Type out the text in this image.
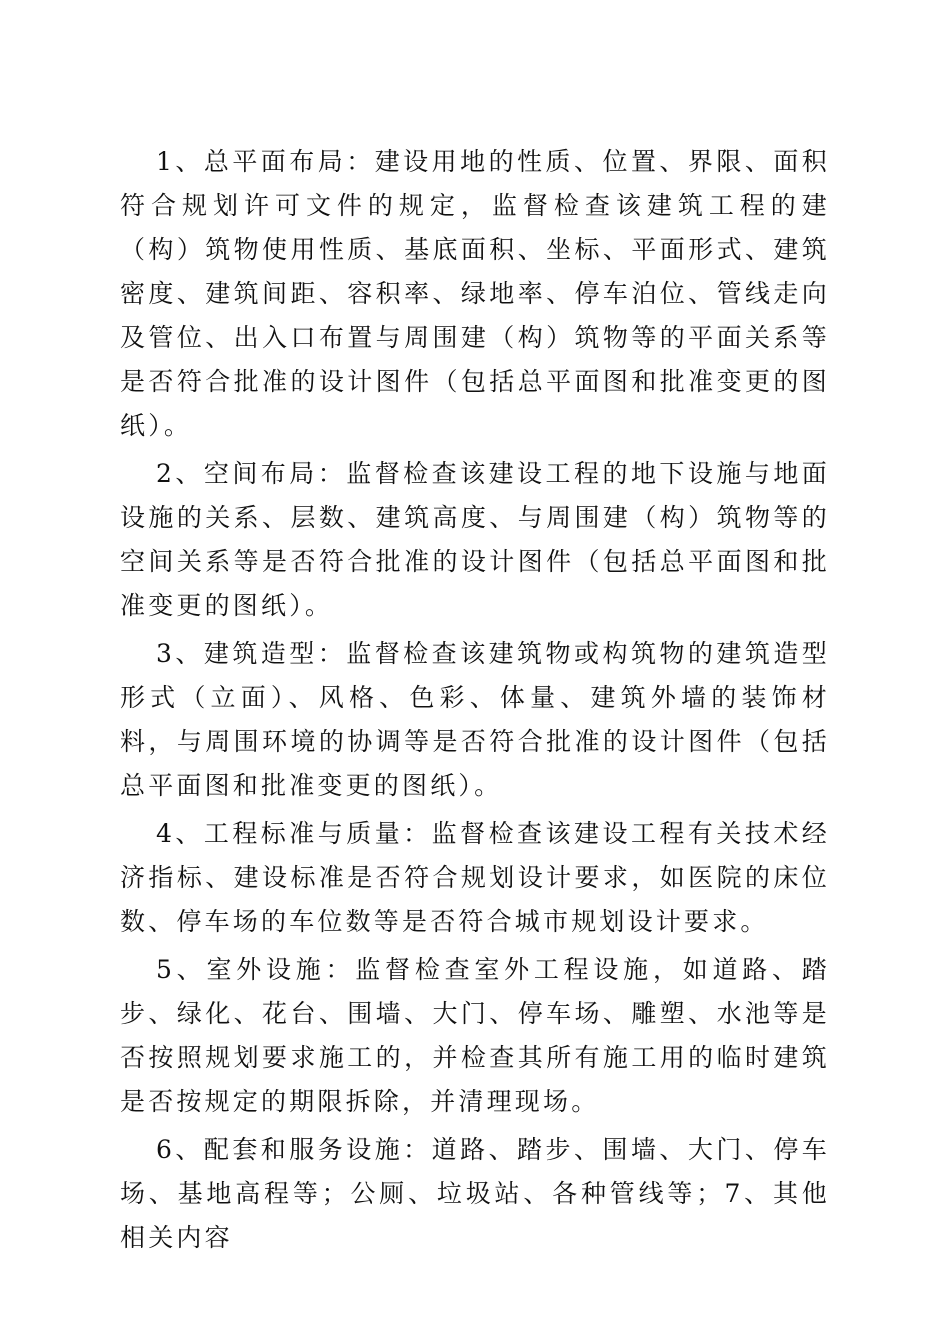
1、总平面布局：建设用地的性质、位置、界限、面积符合规划许可文件的规定，监督检查该建筑工程的建（构）筑物使用性质、基底面积、坐标、平面形式、建筑密度、建筑间距、容积率、绿地率、停车泊位、管线走向及管位、出入口布置与周围建（构）筑物等的平面关系等是否符合批准的设计图件（包括总平面图和批准变更的图纸）。

2、空间布局：监督检查该建设工程的地下设施与地面设施的关系、层数、建筑高度、与周围建（构）筑物等的空间关系等是否符合批准的设计图件（包括总平面图和批准变更的图纸）。

3、建筑造型：监督检查该建筑物或构筑物的建筑造型形式（立面）、风格、色彩、体量、建筑外墙的装饰材料，与周围环境的协调等是否符合批准的设计图件（包括总平面图和批准变更的图纸）。

4、工程标准与质量：监督检查该建设工程有关技术经济指标、建设标准是否符合规划设计要求，如医院的床位数、停车场的车位数等是否符合城市规划设计要求。

5、室外设施：监督检查室外工程设施，如道路、踏步、绿化、花台、围墙、大门、停车场、雕塑、水池等是否按照规划要求施工的，并检查其所有施工用的临时建筑是否按规定的期限拆除，并清理现场。

6、配套和服务设施：道路、踏步、围墙、大门、停车场、基地高程等；公厕、垃圾站、各种管线等；7、其他相关内容
